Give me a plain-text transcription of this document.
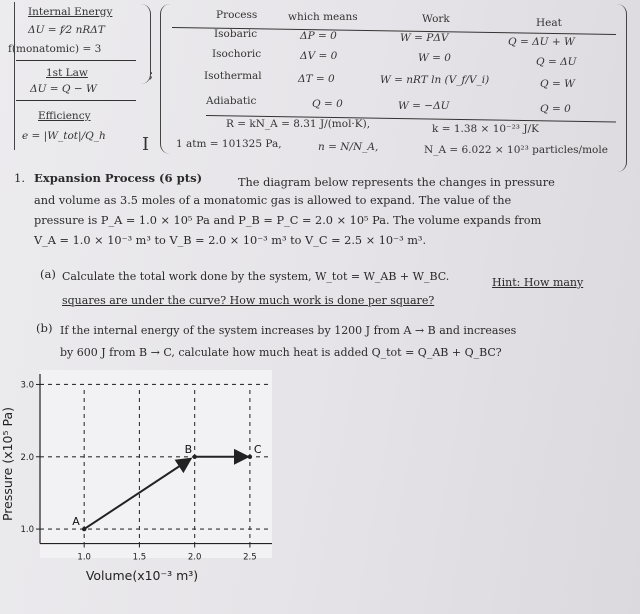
Internal Energy
ΔU = f⁄2 nRΔT
f(monatomic) = 3
1st Law
ΔU = Q − W
Efficiency
e = |W_tot|/Q_h
;
I
Process	which means	Work	Heat
Isobaric	ΔP = 0	W = PΔV	Q = ΔU + W
Isochoric	ΔV = 0	W = 0	Q = ΔU
Isothermal	ΔT = 0	W = nRT ln (V_f/V_i)	Q = W
Adiabatic	Q = 0	W = −ΔU	Q = 0
R = kN_A = 8.31 J/(mol·K),	k = 1.38 × 10⁻²³ J/K
1 atm = 101325 Pa,	n = N/N_A,	N_A = 6.022 × 10²³ particles/mole
1. Expansion Process (6 pts)	The diagram below represents the changes in pressure
and volume as 3.5 moles of a monatomic gas is allowed to expand. The value of the
pressure is P_A = 1.0 × 10⁵ Pa and P_B = P_C = 2.0 × 10⁵ Pa. The volume expands from
V_A = 1.0 × 10⁻³ m³ to V_B = 2.0 × 10⁻³ m³ to V_C = 2.5 × 10⁻³ m³.
(a) Calculate the total work done by the system, W_tot = W_AB + W_BC.	Hint: How many
squares are under the curve? How much work is done per square?
(b) If the internal energy of the system increases by 1200 J from A → B and increases
by 600 J from B → C, calculate how much heat is added Q_tot = Q_AB + Q_BC?
1.0	1.5	2.0	2.5
1.0
2.0
3.0
A
B	C
Volume(x10⁻³ m³)
Pressure (x10⁵ Pa)
